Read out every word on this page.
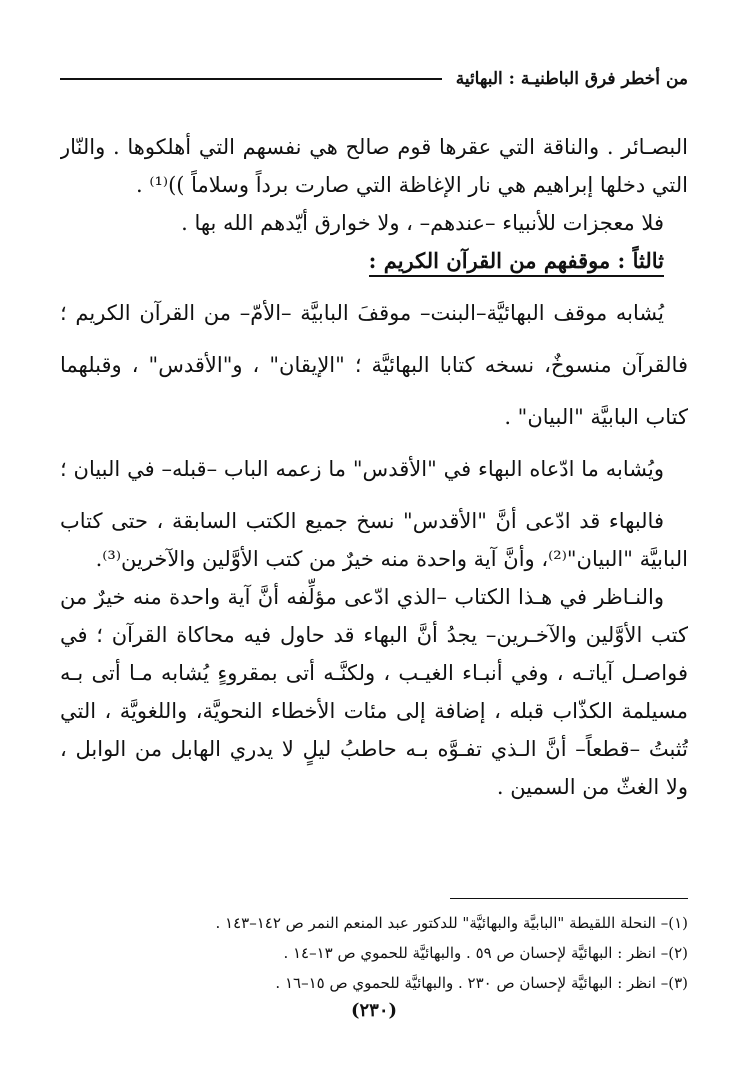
من أخطر فرق الباطنيـة : البهائية
البصـائر . والناقة التي عقرها قوم صالح هي نفسهم التي أهلكوها . والنّار
التي دخلها إبراهيم هي نار الإغاظة التي صارت برداً وسلاماً ))⁽¹⁾ .
فلا معجزات للأنبياء –عندهم– ، ولا خوارق أيّدهم الله بها .
ثالثاً : موقفهم من القرآن الكريم :
يُشابه موقف البهائيَّة–البنت– موقفَ البابيَّة –الأمّ– من القرآن الكريم ؛
فالقرآن منسوخٌ، نسخه كتابا البهائيَّة ؛ "الإيقان" ، و"الأقدس" ، وقبلهما
كتاب البابيَّة "البيان" .
ويُشابه ما ادّعاه البهاء في "الأقدس" ما زعمه الباب –قبله– في البيان ؛
فالبهاء قد ادّعى أنَّ "الأقدس" نسخ جميع الكتب السابقة ، حتى كتاب
البابيَّة "البيان"⁽²⁾، وأنَّ آية واحدة منه خيرٌ من كتب الأوَّلين والآخرين⁽³⁾.
والنـاظر في هـذا الكتاب –الذي ادّعى مؤلِّفه أنَّ آية واحدة منه خيرٌ من
كتب الأوَّلين والآخـرين– يجدُ أنَّ البهاء قد حاول فيه محاكاة القرآن ؛ في
فواصـل آياتـه ، وفي أنبـاء الغيـب ، ولكنَّـه أتى بمقروءٍ يُشابه مـا أتى بـه
مسيلمة الكذّاب قبله ، إضافة إلى مئات الأخطاء النحويَّة، واللغويَّة ، التي
تُثبتُ –قطعاً– أنَّ الـذي تفـوَّه بـه حاطبُ ليلٍ لا يدري الهابل من الوابل ،
ولا الغثّ من السمين .
(١)– النحلة اللقيطة "البابيَّة والبهائيَّة" للدكتور عبد المنعم النمر ص ١٤٢–١٤٣ .
(٢)– انظر : البهائيَّة لإحسان ص ٥٩ . والبهائيَّة للحموي ص ١٣–١٤ .
(٣)– انظر : البهائيَّة لإحسان ص ٢٣٠ . والبهائيَّة للحموي ص ١٥–١٦ .
(٢٣٠)
